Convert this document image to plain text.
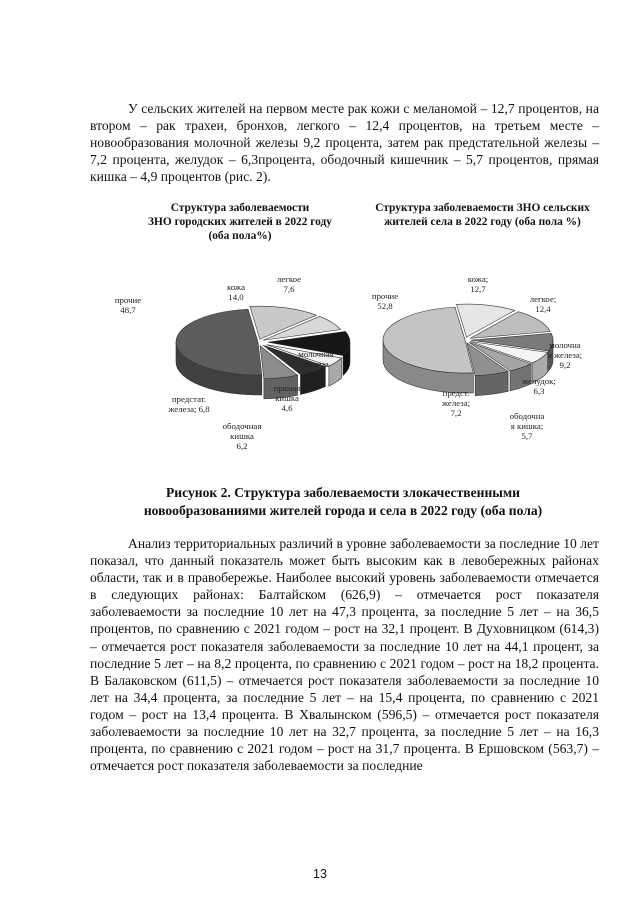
У сельских жителей на первом месте рак кожи с меланомой – 12,7 процентов, на втором – рак трахеи, бронхов, легкого – 12,4 процентов, на третьем месте – новообразования молочной железы 9,2 процента, затем рак предстательной железы – 7,2 процента, желудок – 6,3процента, ободочный кишечник – 5,7 процентов, прямая кишка – 4,9 процентов (рис. 2).

Структура заболеваемости
ЗНО городских жителей в 2022 году
(оба пола%)
Структура заболеваемости ЗНО сельских
жителей села в 2022 году (оба пола %)
кожа
14,0
легкое
7,6
молочная
железа
11,9
прямая
кишка
4,6
ободочная
кишка
6,2
предстат.
железа; 6,8
прочие
48,7
кожа;
12,7
легкое;
12,4
молочна
я железа;
9,2
желудок;
6,3
ободочна
я кишка;
5,7
предст.
железа;
7,2
прочие
52,8

Рисунок 2. Структура заболеваемости злокачественными новообразованиями жителей города и села в 2022 году (оба пола)

Анализ территориальных различий в уровне заболеваемости за последние 10 лет показал, что данный показатель может быть высоким как в левобережных районах области, так и в правобережье. Наиболее высокий уровень заболеваемости отмечается в следующих районах: Балтайском (626,9) – отмечается рост показателя заболеваемости за последние 10 лет на 47,3 процента, за последние 5 лет – на 36,5 процентов, по сравнению с 2021 годом – рост на 32,1 процент. В Духовницком (614,3) – отмечается рост показателя заболеваемости за последние 10 лет на 44,1 процент, за последние 5 лет – на 8,2 процента, по сравнению с 2021 годом – рост на 18,2 процента. В Балаковском (611,5) – отмечается рост показателя заболеваемости за последние 10 лет на 34,4 процента, за последние 5 лет – на 15,4 процента, по сравнению с 2021 годом – рост на 13,4 процента. В Хвалынском (596,5) – отмечается рост показателя заболеваемости за последние 10 лет на 32,7 процента, за последние 5 лет – на 16,3 процента, по сравнению с 2021 годом – рост на 31,7 процента. В Ершовском (563,7) – отмечается рост показателя заболеваемости за последние

13
